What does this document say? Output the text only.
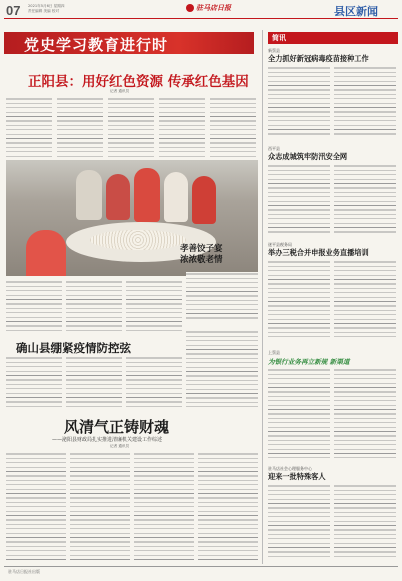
07 2021年5月6日 星期四
责任编辑 美编 校对	驻马店日报	县区新闻
党史学习教育进行时
正阳县：用好红色资源 传承红色基因
记者 通讯员
孝善饺子宴
浓浓敬老情
确山县绷紧疫情防控弦
风清气正铸财魂
——泌阳县财政局扎实推进清廉机关建设工作综述
记者 通讯员
简讯
新蔡县
全力抓好新冠病毒疫苗接种工作
西平县
众志成城筑牢防汛安全网
遂平县税务局
举办三税合并申报业务直播培训
上蔡县
为银行业务再立新规 新渠道
驻马店社会心理服务中心
迎来一批特殊客人
驻马店日报社出版
